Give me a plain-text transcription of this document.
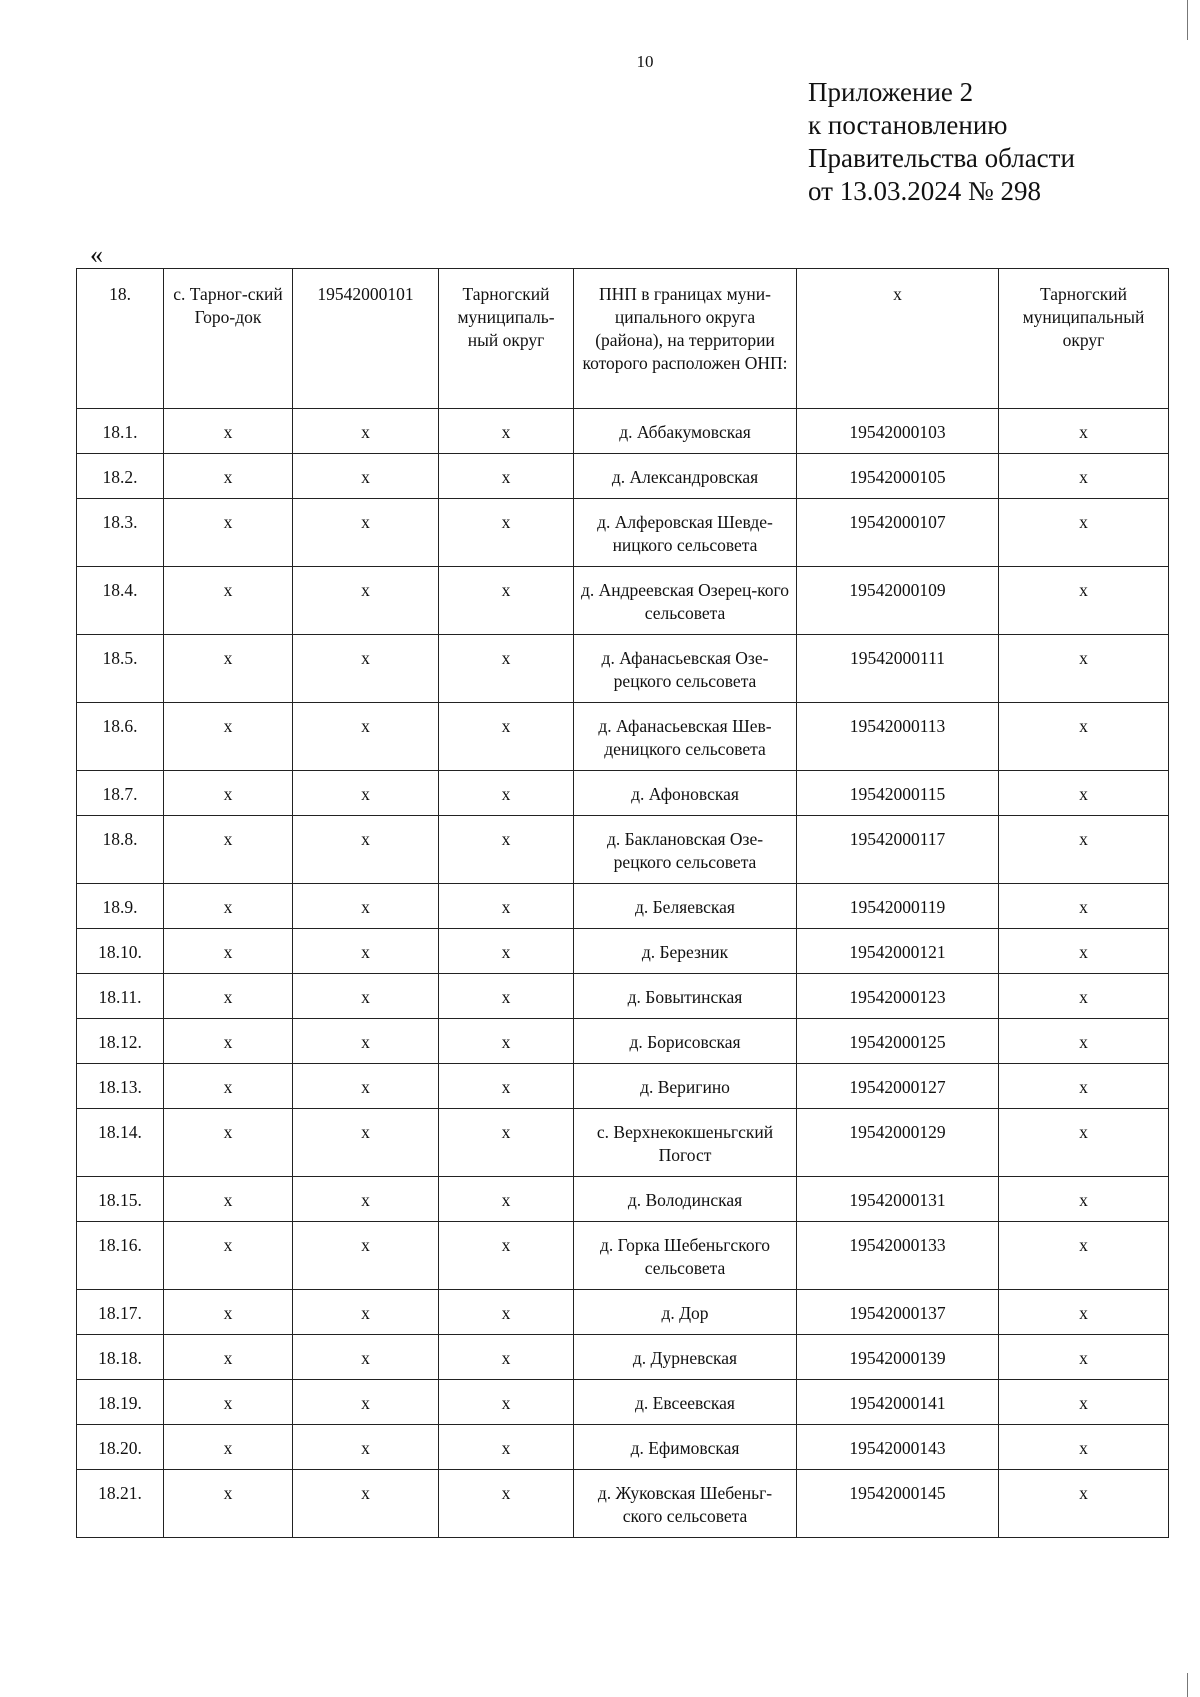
10
Приложение 2
к постановлению
Правительства области
от 13.03.2024 № 298
«
18.	с. Тарног-ский Горо-док	19542000101	Тарногский муниципаль-ный округ	ПНП в границах муни-ципального округа (района), на территории которого расположен ОНП:	x	Тарногский муниципальный округ
18.1.	x	x	x	д. Аббакумовская	19542000103	x
18.2.	x	x	x	д. Александровская	19542000105	x
18.3.	x	x	x	д. Алферовская Шевде-ницкого сельсовета	19542000107	x
18.4.	x	x	x	д. Андреевская Озерец-кого сельсовета	19542000109	x
18.5.	x	x	x	д. Афанасьевская Озе-рецкого сельсовета	19542000111	x
18.6.	x	x	x	д. Афанасьевская Шев-деницкого сельсовета	19542000113	x
18.7.	x	x	x	д. Афоновская	19542000115	x
18.8.	x	x	x	д. Баклановская Озе-рецкого сельсовета	19542000117	x
18.9.	x	x	x	д. Беляевская	19542000119	x
18.10.	x	x	x	д. Березник	19542000121	x
18.11.	x	x	x	д. Бовытинская	19542000123	x
18.12.	x	x	x	д. Борисовская	19542000125	x
18.13.	x	x	x	д. Веригино	19542000127	x
18.14.	x	x	x	с. Верхнекокшеньгский Погост	19542000129	x
18.15.	x	x	x	д. Володинская	19542000131	x
18.16.	x	x	x	д. Горка Шебеньгского сельсовета	19542000133	x
18.17.	x	x	x	д. Дор	19542000137	x
18.18.	x	x	x	д. Дурневская	19542000139	x
18.19.	x	x	x	д. Евсеевская	19542000141	x
18.20.	x	x	x	д. Ефимовская	19542000143	x
18.21.	x	x	x	д. Жуковская Шебеньг-ского сельсовета	19542000145	x
